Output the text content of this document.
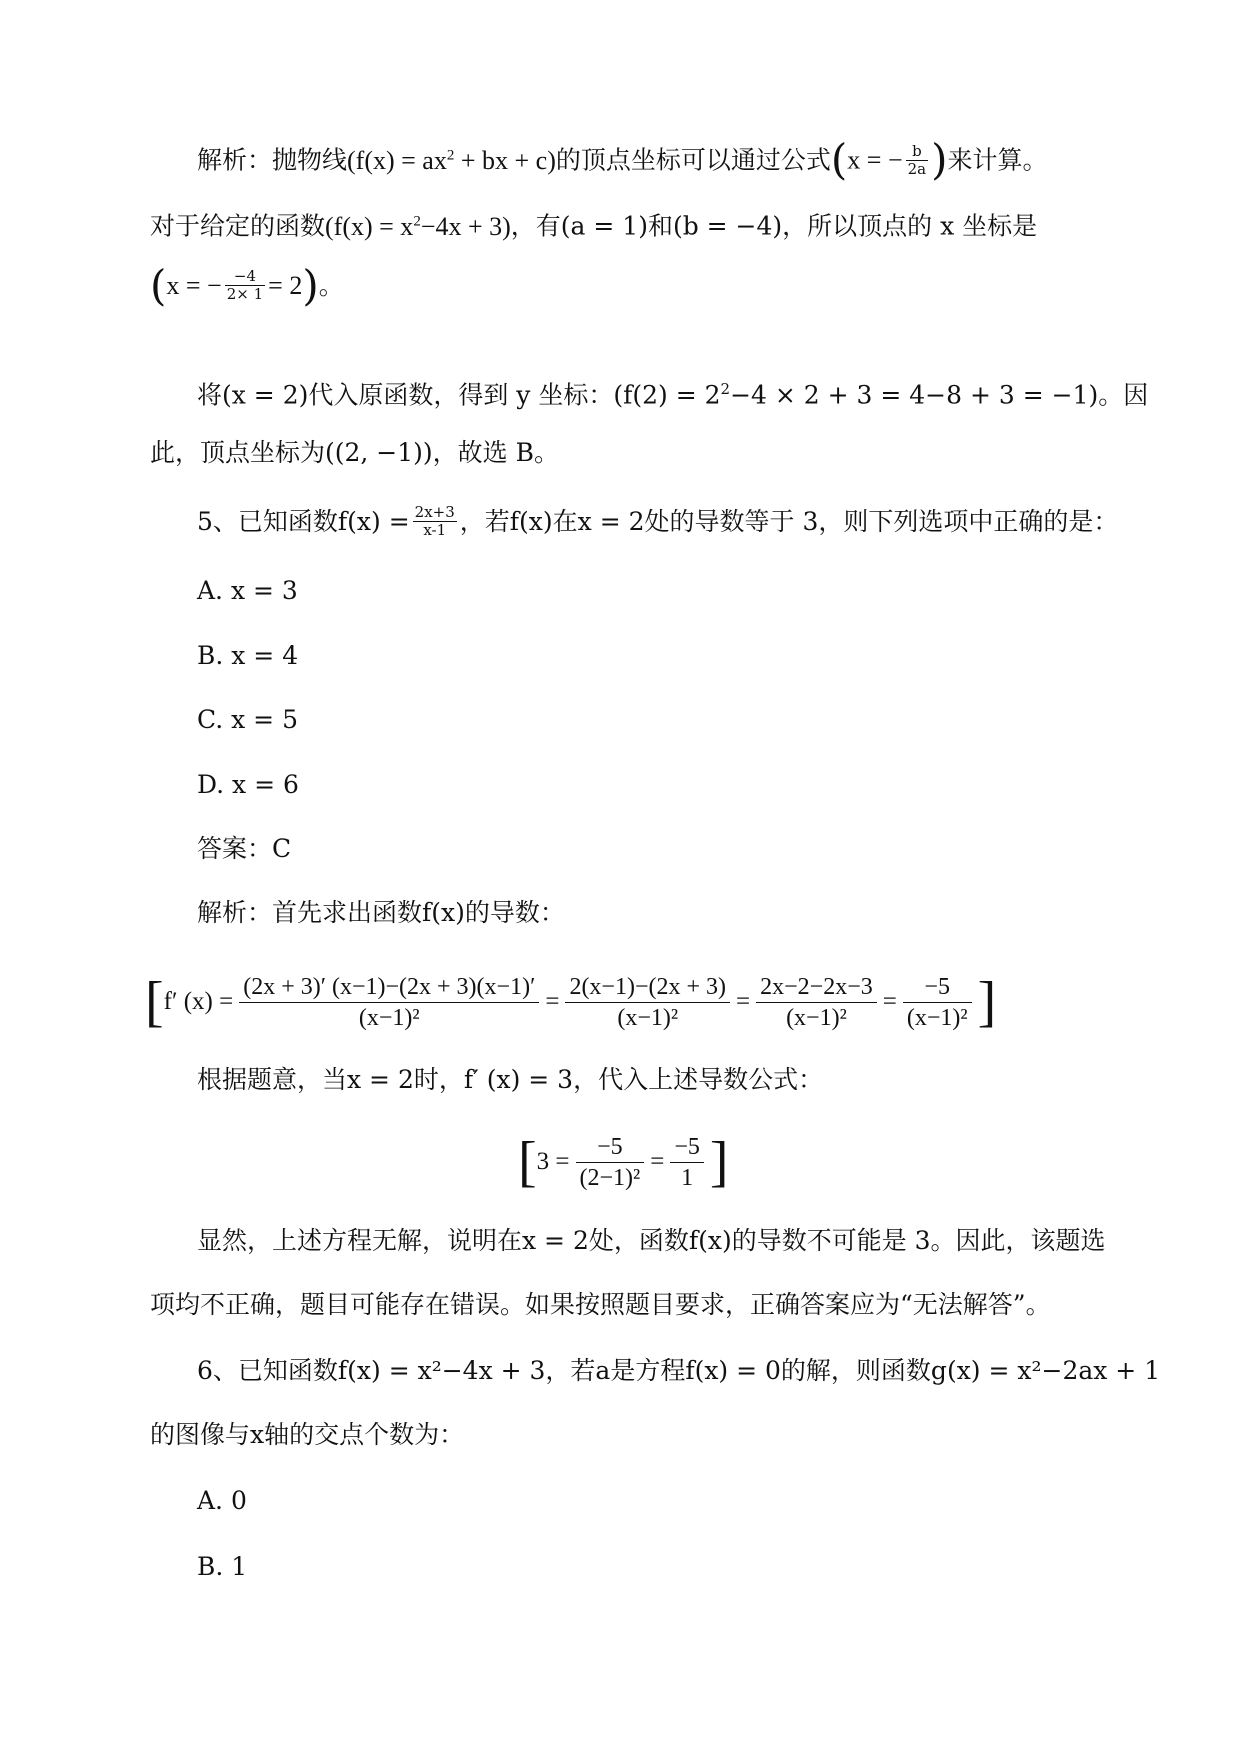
解析：抛物线($f(x) = ax^2$ + bx + c)的顶点坐标可以通过公式(x = − $\frac{b}{2a}$ )来计算。
对于给定的函数$(f(x) = x^2-4x + 3)$，有(a = 1)和(b = −4)，所以顶点的 x 坐标是
(x = − $\frac{-4}{2\times 1} = 2$)。
将(x = 2)代入原函数，得到 y 坐标：$(f(2) = 2^2-4 \times 2 + 3 = 4-8 + 3 = -1)$。因
此，顶点坐标为((2, −1))，故选 B。
5、已知函数$f(x) = \frac{2x+3}{x-1}$ ，若f(x)在x = 2处的导数等于 3，则下列选项中正确的是：
A. x = 3
B. x = 4
C. x = 5
D. x = 6
答案：C
解析：首先求出函数f(x)的导数：
[ f′ $(x) = \frac{(2x + 3)' (x-1)-(2x + 3)(x-1)'}{\text{(x−1)²}} = \frac{2(x-1)-(2x + 3)}{\text{(x−1)²}} = \frac{2x-2-2x-3}{\text{(x−1)²}} = \frac{-5}{\text{(x−1)²}}$ ]
根据题意，当x = 2时，f′ (x) = 3，代入上述导数公式：
[ $3 = \frac{-5}{\text{(2−1)²}} = \frac{-5}{1}$ ]
显然，上述方程无解，说明在x = 2处，函数f(x)的导数不可能是 3。因此，该题选
项均不正确，题目可能存在错误。如果按照题目要求，正确答案应为“无法解答”。
6、已知函数f(x) = x²−4x + 3，若a是方程f(x) = 0的解，则函数g(x) = x²−2ax + 1
的图像与x轴的交点个数为：
A. 0
B. 1
